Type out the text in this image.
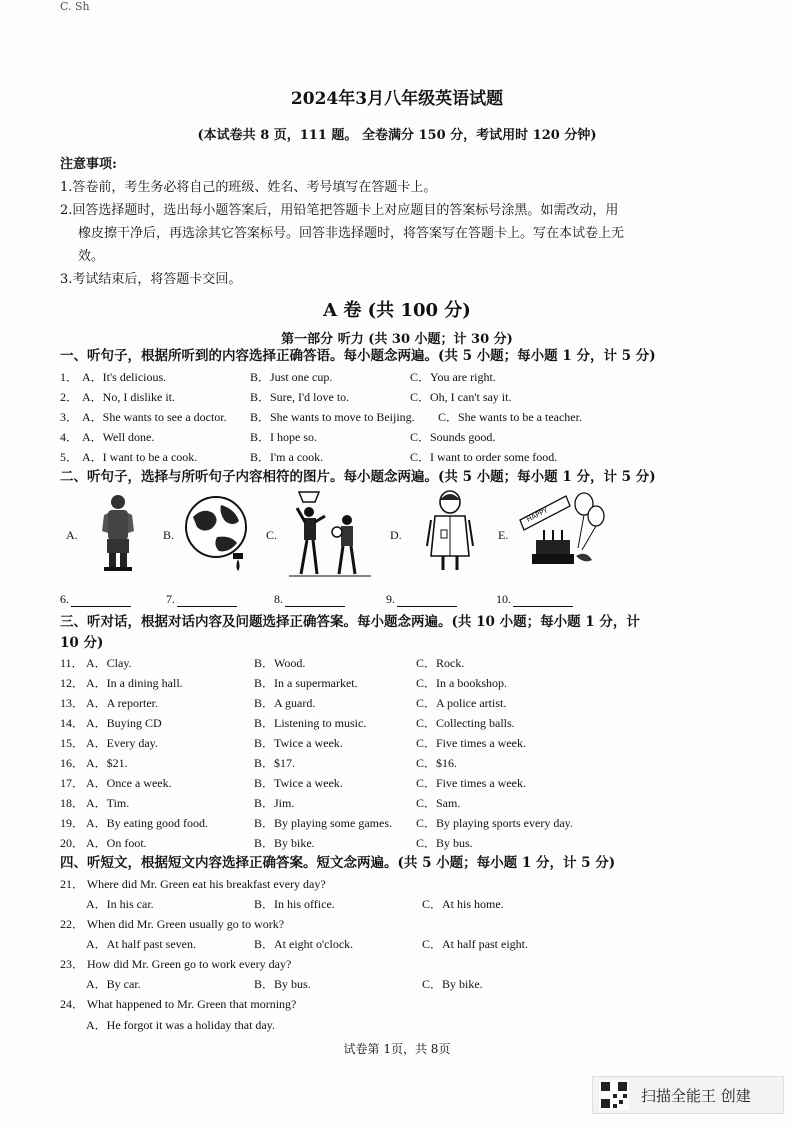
C. Sh
2024年3月八年级英语试题
(本试卷共 8 页，111 题。 全卷满分 150 分，考试用时 120 分钟)
注意事项:
1.答卷前，考生务必将自己的班级、姓名、考号填写在答题卡上。
2.回答选择题时，选出每小题答案后，用铅笔把答题卡上对应题目的答案标号涂黑。如需改动，用
橡皮擦干净后，再选涂其它答案标号。回答非选择题时，将答案写在答题卡上。写在本试卷上无
效。
3.考试结束后，将答题卡交回。
A 卷 (共 100 分)
第一部分 听力 (共 30 小题；计 30 分)
一、听句子，根据所听到的内容选择正确答语。每小题念两遍。(共 5 小题；每小题 1 分，计 5 分)
1． A．It's delicious.	B．Just one cup.	C．You are right.
2． A．No, I dislike it.	B．Sure, I'd love to.	C．Oh, I can't say it.
3． A．She wants to see a doctor. B．She wants to move to Beijing. C．She wants to be a teacher.
4． A．Well done.	B．I hope so.	C．Sounds good.
5． A．I want to be a cook.	B．I'm a cook.	C．I want to order some food.
二、听句子，选择与所听句子内容相符的图片。每小题念两遍。(共 5 小题；每小题 1 分，计 5 分)
A.	B.	C.	D.	E.
HAPPY
6.	7.	8.	9.	10.
三、听对话，根据对话内容及问题选择正确答案。每小题念两遍。(共 10 小题；每小题 1 分，计
10 分)
11． A．Clay.	B．Wood.	C．Rock.
12． A．In a dining hall.	B．In a supermarket.	C．In a bookshop.
13． A．A reporter.	B．A guard.	C．A police artist.
14． A．Buying CD	B．Listening to music.	C．Collecting balls.
15． A．Every day.	B．Twice a week.	C．Five times a week.
16． A．$21.	B．$17.	C．$16.
17． A．Once a week.	B．Twice a week.	C．Five times a week.
18． A．Tim.	B．Jim.	C．Sam.
19． A．By eating good food.	B．By playing some games. C．By playing sports every day.
20． A．On foot.	B．By bike.	C．By bus.
四、听短文，根据短文内容选择正确答案。短文念两遍。(共 5 小题；每小题 1 分，计 5 分)
21． Where did Mr. Green eat his breakfast every day?
A．In his car.	B．In his office.	C．At his home.
22． When did Mr. Green usually go to work?
A．At half past seven.	B．At eight o'clock.	C．At half past eight.
23． How did Mr. Green go to work every day?
A．By car.	B．By bus.	C．By bike.
24． What happened to Mr. Green that morning?
A．He forgot it was a holiday that day.
试卷第 1页，共 8页
扫描全能王 创建
